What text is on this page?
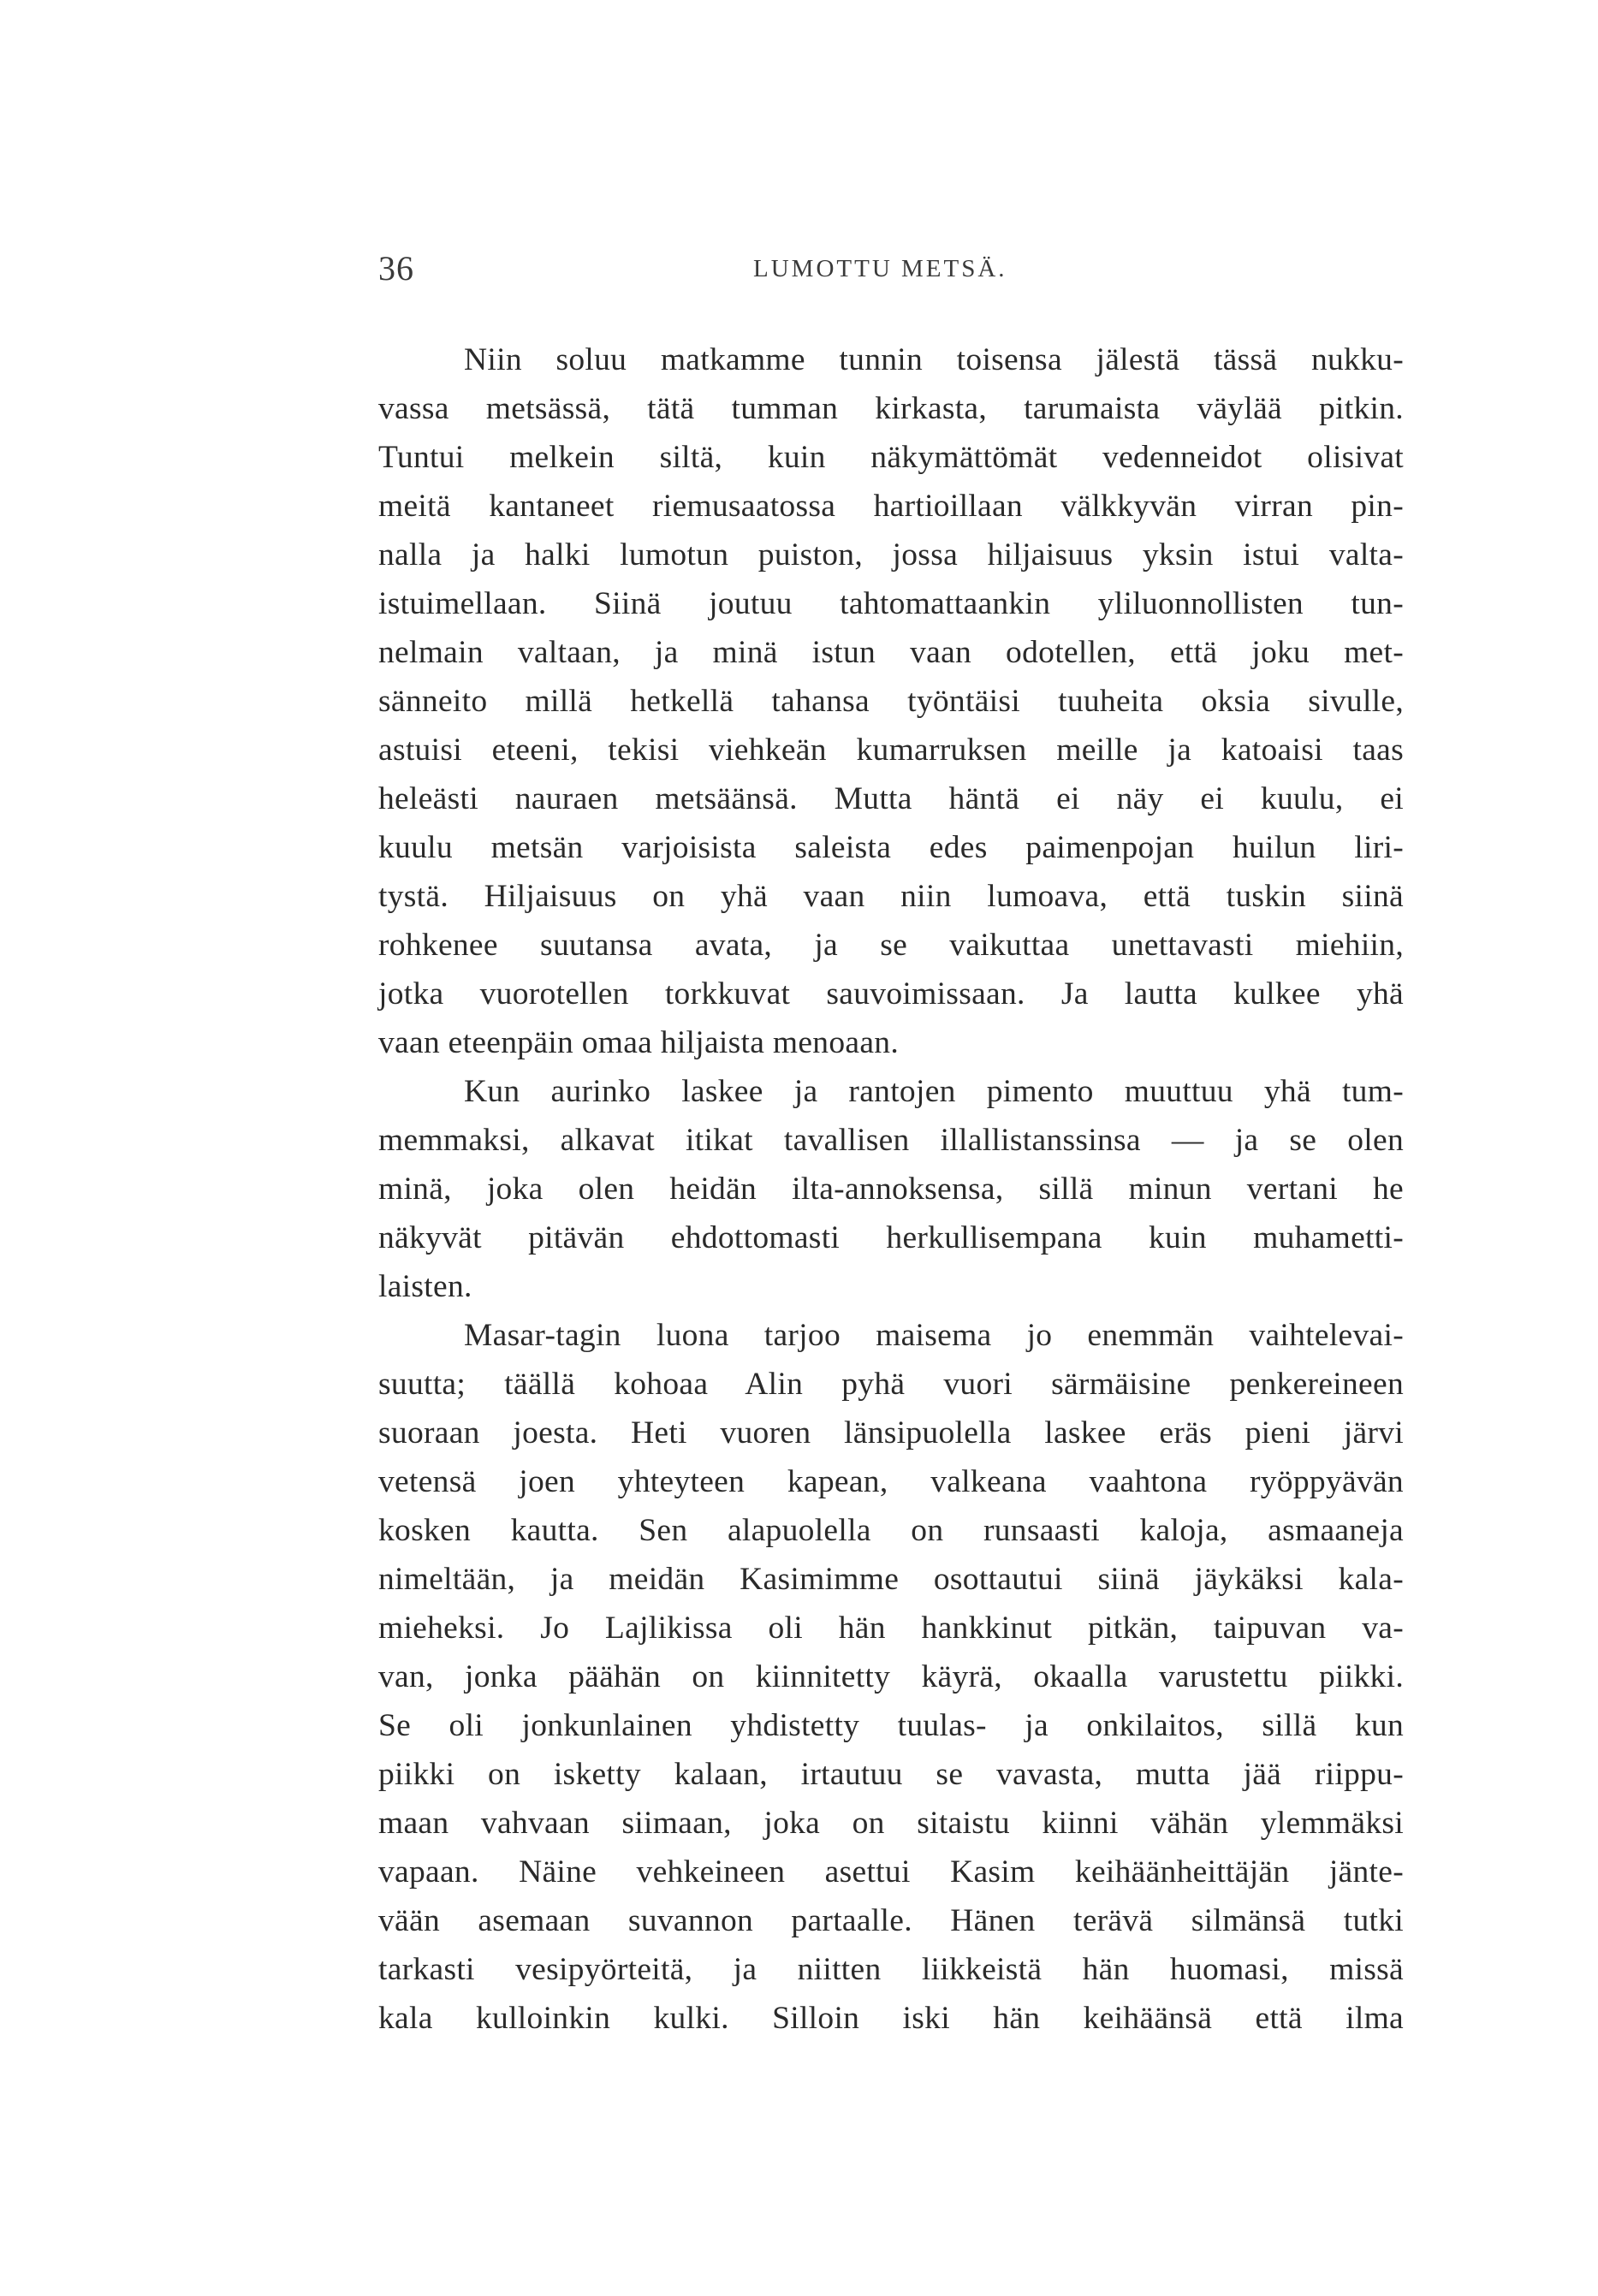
36	LUMOTTU METSÄ.
Niin soluu matkamme tunnin toisensa jälestä tässä nukku-
vassa metsässä, tätä tumman kirkasta, tarumaista väylää pitkin.
Tuntui melkein siltä, kuin näkymättömät vedenneidot olisivat
meitä kantaneet riemusaatossa hartioillaan välkkyvän virran pin-
nalla ja halki lumotun puiston, jossa hiljaisuus yksin istui valta-
istuimellaan. Siinä joutuu tahtomattaankin yliluonnollisten tun-
nelmain valtaan, ja minä istun vaan odotellen, että joku met-
sänneito millä hetkellä tahansa työntäisi tuuheita oksia sivulle,
astuisi eteeni, tekisi viehkeän kumarruksen meille ja katoaisi taas
heleästi nauraen metsäänsä. Mutta häntä ei näy ei kuulu, ei
kuulu metsän varjoisista saleista edes paimenpojan huilun liri-
tystä. Hiljaisuus on yhä vaan niin lumoava, että tuskin siinä
rohkenee suutansa avata, ja se vaikuttaa unettavasti miehiin,
jotka vuorotellen torkkuvat sauvoimissaan. Ja lautta kulkee yhä
vaan eteenpäin omaa hiljaista menoaan.
Kun aurinko laskee ja rantojen pimento muuttuu yhä tum-
memmaksi, alkavat itikat tavallisen illallistanssinsa — ja se olen
minä, joka olen heidän ilta-annoksensa, sillä minun vertani he
näkyvät pitävän ehdottomasti herkullisempana kuin muhametti-
laisten.
Masar-tagin luona tarjoo maisema jo enemmän vaihtelevai-
suutta; täällä kohoaa Alin pyhä vuori särmäisine penkereineen
suoraan joesta. Heti vuoren länsipuolella laskee eräs pieni järvi
vetensä joen yhteyteen kapean, valkeana vaahtona ryöppyävän
kosken kautta. Sen alapuolella on runsaasti kaloja, asmaaneja
nimeltään, ja meidän Kasimimme osottautui siinä jäykäksi kala-
mieheksi. Jo Lajlikissa oli hän hankkinut pitkän, taipuvan va-
van, jonka päähän on kiinnitetty käyrä, okaalla varustettu piikki.
Se oli jonkunlainen yhdistetty tuulas- ja onkilaitos, sillä kun
piikki on isketty kalaan, irtautuu se vavasta, mutta jää riippu-
maan vahvaan siimaan, joka on sitaistu kiinni vähän ylemmäksi
vapaan. Näine vehkeineen asettui Kasim keihäänheittäjän jänte-
vään asemaan suvannon partaalle. Hänen terävä silmänsä tutki
tarkasti vesipyörteitä, ja niitten liikkeistä hän huomasi, missä
kala kulloinkin kulki. Silloin iski hän keihäänsä että ilma
